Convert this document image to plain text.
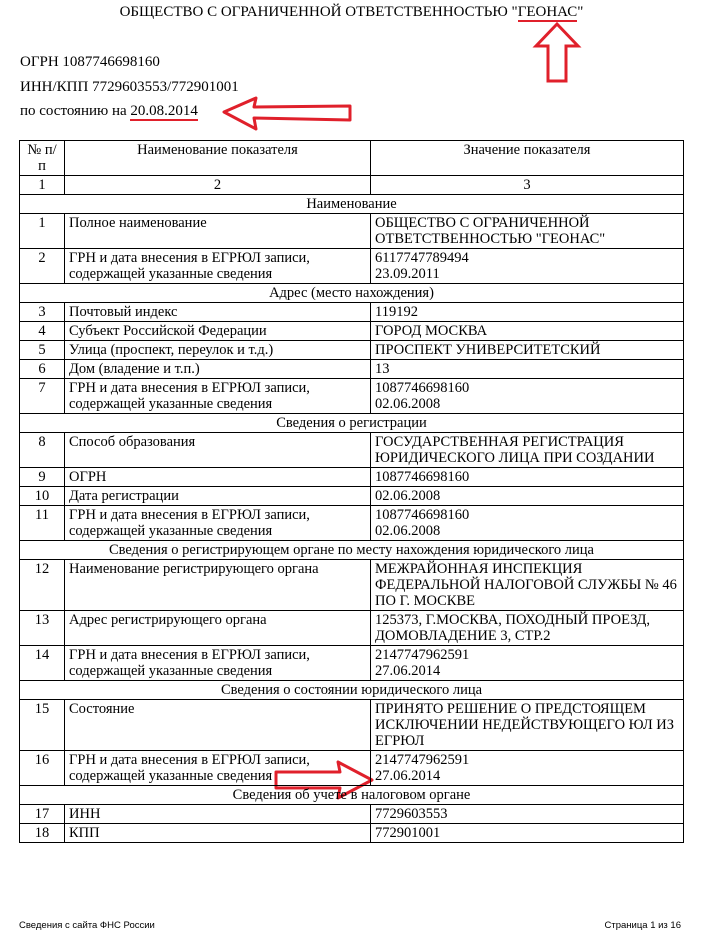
ОБЩЕСТВО С ОГРАНИЧЕННОЙ ОТВЕТСТВЕННОСТЬЮ "ГЕОНАС"
ОГРН 1087746698160
ИНН/КПП 7729603553/772901001
по состоянию на 20.08.2014
№ п/п	Наименование показателя	Значение показателя
1	2	3
Наименование		
1	Полное наименование	ОБЩЕСТВО С ОГРАНИЧЕННОЙ ОТВЕТСТВЕННОСТЬЮ "ГЕОНАС"
2	ГРН и дата внесения в ЕГРЮЛ записи, содержащей указанные сведения	6117747789494
23.09.2011

Адрес (место нахождения)		
3	Почтовый индекс	119192
4	Субъект Российской Федерации	ГОРОД МОСКВА
5	Улица (проспект, переулок и т.д.)	ПРОСПЕКТ УНИВЕРСИТЕТСКИЙ
6	Дом (владение и т.п.)	13
7	ГРН и дата внесения в ЕГРЮЛ записи, содержащей указанные сведения	1087746698160
02.06.2008

Сведения о регистрации		
8	Способ образования	ГОСУДАРСТВЕННАЯ РЕГИСТРАЦИЯ ЮРИДИЧЕСКОГО ЛИЦА ПРИ СОЗДАНИИ
9	ОГРН	1087746698160
10	Дата регистрации	02.06.2008
11	ГРН и дата внесения в ЕГРЮЛ записи, содержащей указанные сведения	1087746698160
02.06.2008

Сведения о регистрирующем органе по месту нахождения юридического лица		
12	Наименование регистрирующего органа	МЕЖРАЙОННАЯ ИНСПЕКЦИЯ ФЕДЕРАЛЬНОЙ НАЛОГОВОЙ СЛУЖБЫ № 46 ПО Г. МОСКВЕ
13	Адрес регистрирующего органа	125373, Г.МОСКВА, ПОХОДНЫЙ ПРОЕЗД, ДОМОВЛАДЕНИЕ 3, СТР.2
14	ГРН и дата внесения в ЕГРЮЛ записи, содержащей указанные сведения	2147747962591
27.06.2014

Сведения о состоянии юридического лица		
15	Состояние	ПРИНЯТО РЕШЕНИЕ О ПРЕДСТОЯЩЕМ ИСКЛЮЧЕНИИ НЕДЕЙСТВУЮЩЕГО ЮЛ ИЗ ЕГРЮЛ
16	ГРН и дата внесения в ЕГРЮЛ записи, содержащей указанные сведения	2147747962591
27.06.2014

Сведения об учете в налоговом органе		
17	ИНН	7729603553
18	КПП	772901001
Сведения с сайта ФНС России	Страница 1 из 16
